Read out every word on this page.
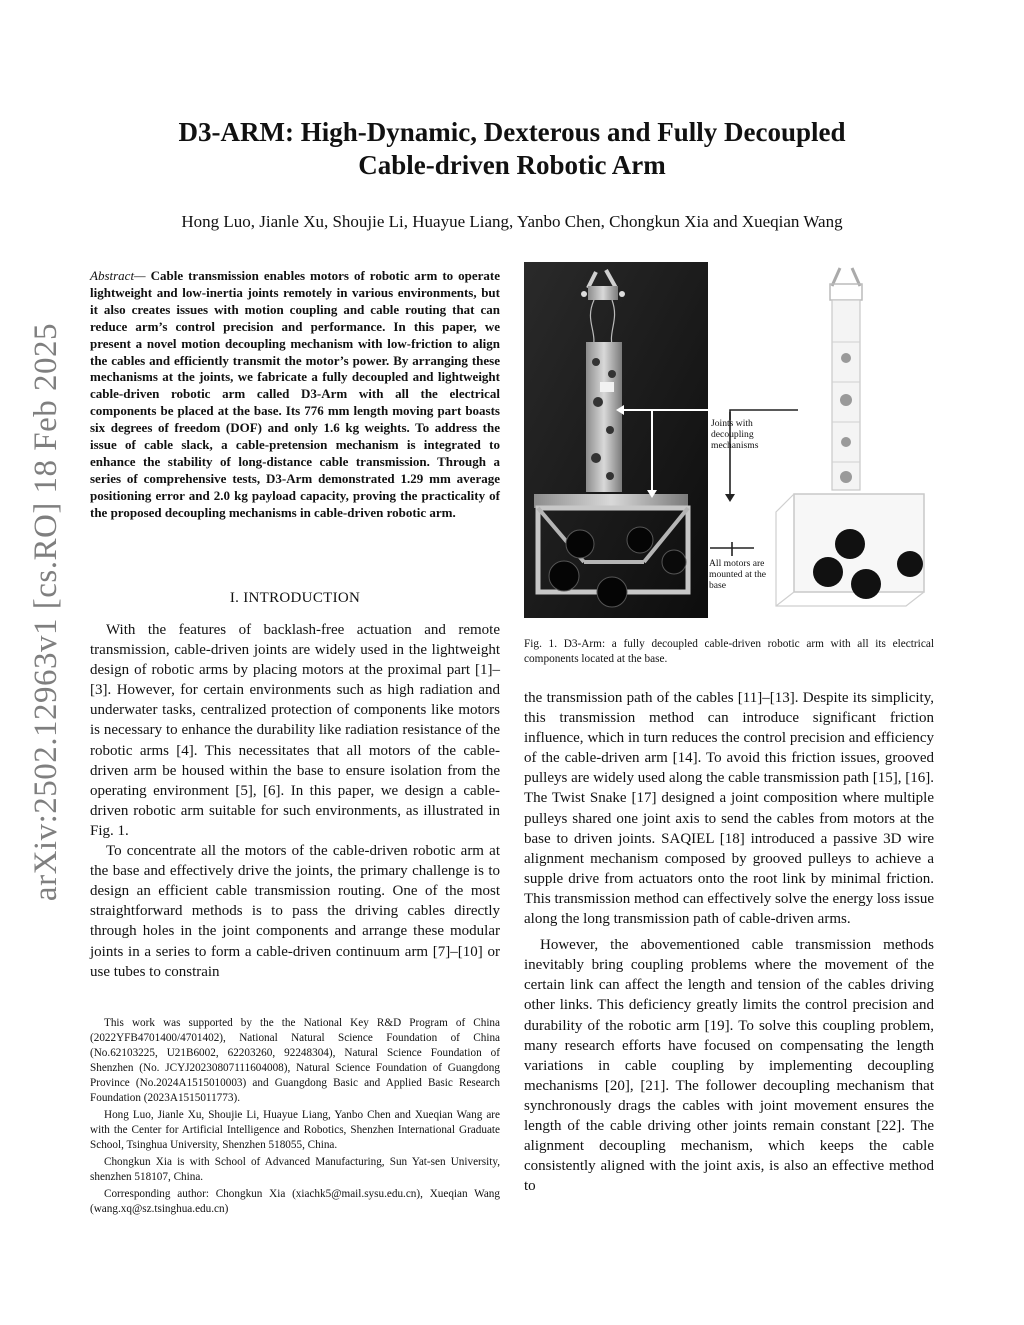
arXiv:2502.12963v1 [cs.RO] 18 Feb 2025
D3-ARM: High-Dynamic, Dexterous and Fully Decoupled
Cable-driven Robotic Arm
Hong Luo, Jianle Xu, Shoujie Li, Huayue Liang, Yanbo Chen, Chongkun Xia and Xueqian Wang
Abstract— Cable transmission enables motors of robotic arm to operate lightweight and low-inertia joints remotely in various environments, but it also creates issues with motion coupling and cable routing that can reduce arm’s control precision and performance. In this paper, we present a novel motion decoupling mechanism with low-friction to align the cables and efficiently transmit the motor’s power. By arranging these mechanisms at the joints, we fabricate a fully decoupled and lightweight cable-driven robotic arm called D3-Arm with all the electrical components be placed at the base. Its 776 mm length moving part boasts six degrees of freedom (DOF) and only 1.6 kg weights. To address the issue of cable slack, a cable-pretension mechanism is integrated to enhance the stability of long-distance cable transmission. Through a series of comprehensive tests, D3-Arm demonstrated 1.29 mm average positioning error and 2.0 kg payload capacity, proving the practicality of the proposed decoupling mechanisms in cable-driven robotic arm.
I. INTRODUCTION

With the features of backlash-free actuation and remote transmission, cable-driven joints are widely used in the lightweight design of robotic arms by placing motors at the proximal part [1]–[3]. However, for certain environments such as high radiation and underwater tasks, centralized protection of components like motors is necessary to enhance the durability like radiation resistance of the robotic arms [4]. This necessitates that all motors of the cable-driven arm be housed within the base to ensure isolation from the operating environment [5], [6]. In this paper, we design a cable-driven robotic arm suitable for such environments, as illustrated in Fig. 1.

To concentrate all the motors of the cable-driven robotic arm at the base and effectively drive the joints, the primary challenge is to design an efficient cable transmission routing. One of the most straightforward methods is to pass the driving cables directly through holes in the joint components and arrange these modular joints in a series to form a cable-driven continuum arm [7]–[10] or use tubes to constrain

This work was supported by the the National Key R&D Program of China (2022YFB4701400/4701402), National Natural Science Foundation of China (No.62103225, U21B6002, 62203260, 92248304), Natural Science Foundation of Shenzhen (No. JCYJ20230807111604008), Natural Science Foundation of Guangdong Province (No.2024A1515010003) and Guangdong Basic and Applied Basic Research Foundation (2023A1515011773).

Hong Luo, Jianle Xu, Shoujie Li, Huayue Liang, Yanbo Chen and Xueqian Wang are with the Center for Artificial Intelligence and Robotics, Shenzhen International Graduate School, Tsinghua University, Shenzhen 518055, China.

Chongkun Xia is with School of Advanced Manufacturing, Sun Yat-sen University, shenzhen 518107, China.

Corresponding author: Chongkun Xia (xiachk5@mail.sysu.edu.cn), Xueqian Wang (wang.xq@sz.tsinghua.edu.cn)

Joints with decoupling mechanisms
All motors are mounted at the base
Fig. 1. D3-Arm: a fully decoupled cable-driven robotic arm with all its electrical components located at the base.

the transmission path of the cables [11]–[13]. Despite its simplicity, this transmission method can introduce significant friction influence, which in turn reduces the control precision and efficiency of the cable-driven arm [14]. To avoid this friction issues, grooved pulleys are widely used along the cable transmission path [15], [16]. The Twist Snake [17] designed a joint composition where multiple pulleys shared one joint axis to send the cables from motors at the base to driven joints. SAQIEL [18] introduced a passive 3D wire alignment mechanism composed by grooved pulleys to achieve a supple drive from actuators onto the root link by minimal friction. This transmission method can effectively solve the energy loss issue along the long transmission path of cable-driven arms.

However, the abovementioned cable transmission methods inevitably bring coupling problems where the movement of the certain link can affect the length and tension of the cables driving other links. This deficiency greatly limits the control precision and durability of the robotic arm [19]. To solve this coupling problem, many research efforts have focused on compensating the length variations in cable coupling by implementing decoupling mechanisms [20], [21]. The follower decoupling mechanism that synchronously drags the cables with joint movement ensures the length of the cable driving other joints remain constant [22]. The alignment decoupling mechanism, which keeps the cable consistently aligned with the joint axis, is also an effective method to
